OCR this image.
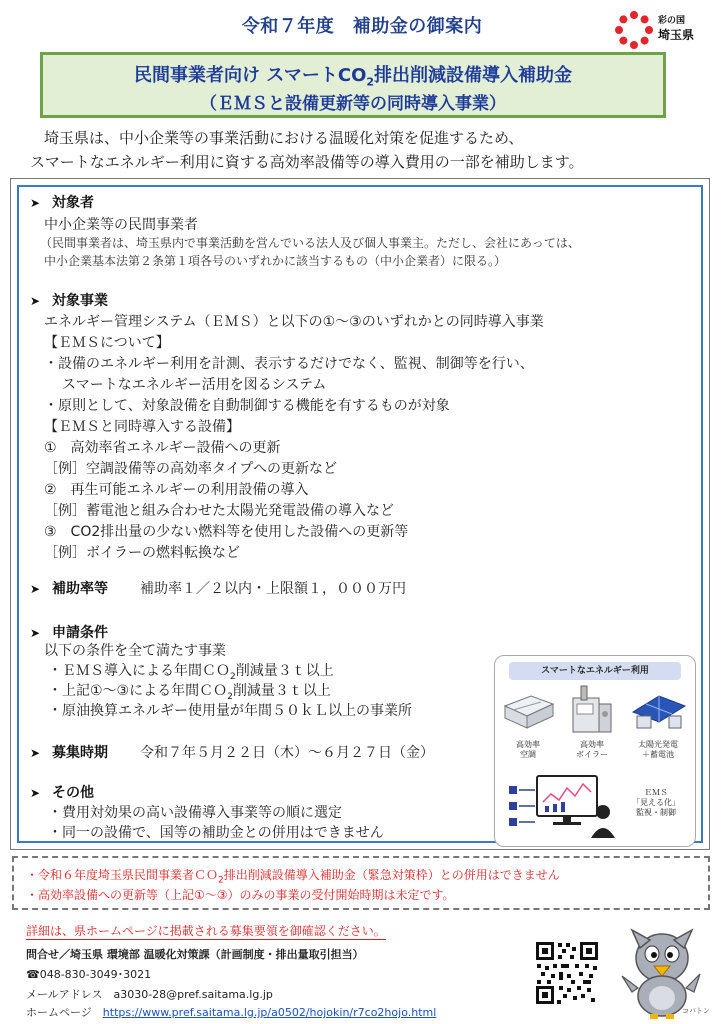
令和７年度　補助金の御案内	彩の国
埼玉県
民間事業者向け スマート$CO_2$排出削減設備導入補助金
（ＥＭＳと設備更新等の同時導入事業）
埼玉県は、中小企業等の事業活動における温暖化対策を促進するため、
スマートなエネルギー利用に資する高効率設備等の導入費用の一部を補助します。
➤ 対象者
中小企業等の民間事業者
（民間事業者は、埼玉県内で事業活動を営んでいる法人及び個人事業主。ただし、会社にあっては、
中小企業基本法第２条第１項各号のいずれかに該当するもの（中小企業者）に限る。）
➤ 対象事業
エネルギー管理システム（ＥＭＳ）と以下の①～③のいずれかとの同時導入事業
【ＥＭＳについて】
・設備のエネルギー利用を計測、表示するだけでなく、監視、制御等を行い、
スマートなエネルギー活用を図るシステム
・原則として、対象設備を自動制御する機能を有するものが対象
【ＥＭＳと同時導入する設備】
①　高効率省エネルギー設備への更新
［例］空調設備等の高効率タイプへの更新など
②　再生可能エネルギーの利用設備の導入
［例］蓄電池と組み合わせた太陽光発電設備の導入など
③　CO2排出量の少ない燃料等を使用した設備への更新等
［例］ボイラーの燃料転換など
➤ 補助率等 補助率１／２以内・上限額１，０００万円
➤ 申請条件
以下の条件を全て満たす事業
・ＥＭＳ導入による年間ＣＯ$_2$削減量３ｔ以上
・上記①～③による年間ＣＯ$_2$削減量３ｔ以上
・原油換算エネルギー使用量が年間５０ｋＬ以上の事業所
➤ 募集時期 令和７年５月２２日（木）～６月２７日（金）
➤ その他
・費用対効果の高い設備導入事業等の順に選定
・同一の設備で、国等の補助金との併用はできません
スマートなエネルギー利用
高効率
空調
高効率
ボイラー
太陽光発電
＋蓄電池
ＥＭＳ
「見える化」
監視・制御
・令和６年度埼玉県民間事業者ＣＯ$_2$排出削減設備導入補助金（緊急対策枠）との併用はできません
・高効率設備への更新等（上記①～③）のみの事業の受付開始時期は未定です。
詳細は、県ホームページに掲載される募集要領を御確認ください。
問合せ／埼玉県 環境部 温暖化対策課（計画制度・排出量取引担当）
☎048-830-3049･3021
メールアドレス　 a3030-28@pref.saitama.lg.jp
ホームページ　 https://www.pref.saitama.lg.jp/a0502/hojokin/r7co2hojo.html	コバトン
